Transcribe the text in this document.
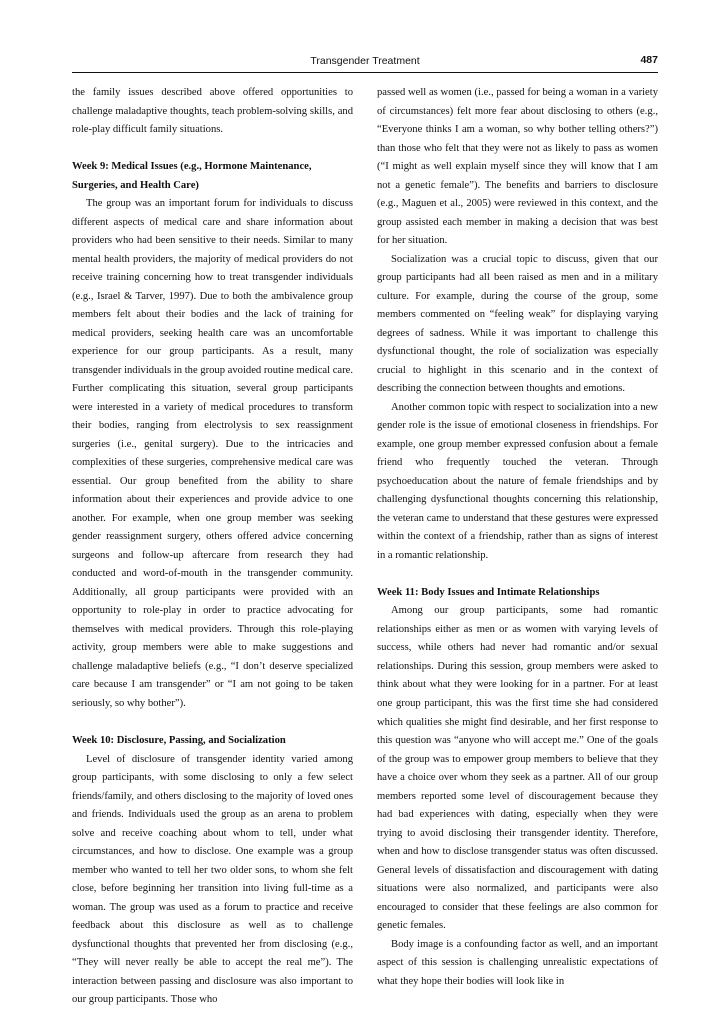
Transgender Treatment	487

the family issues described above offered opportunities to challenge maladaptive thoughts, teach problem-solving skills, and role-play difficult family situations.

Week 9: Medical Issues (e.g., Hormone Maintenance, Surgeries, and Health Care)

The group was an important forum for individuals to discuss different aspects of medical care and share information about providers who had been sensitive to their needs. Similar to many mental health providers, the majority of medical providers do not receive training concerning how to treat transgender individuals (e.g., Israel & Tarver, 1997). Due to both the ambivalence group members felt about their bodies and the lack of training for medical providers, seeking health care was an uncomfortable experience for our group participants. As a result, many transgender individuals in the group avoided routine medical care. Further complicating this situation, several group participants were interested in a variety of medical procedures to transform their bodies, ranging from electrolysis to sex reassignment surgeries (i.e., genital surgery). Due to the intricacies and complexities of these surgeries, comprehensive medical care was essential. Our group benefited from the ability to share information about their experiences and provide advice to one another. For example, when one group member was seeking gender reassignment surgery, others offered advice concerning surgeons and follow-up aftercare from research they had conducted and word-of-mouth in the transgender community. Additionally, all group participants were provided with an opportunity to role-play in order to practice advocating for themselves with medical providers. Through this role-playing activity, group members were able to make suggestions and challenge maladaptive beliefs (e.g., “I don’t deserve specialized care because I am transgender” or “I am not going to be taken seriously, so why bother”).

Week 10: Disclosure, Passing, and Socialization

Level of disclosure of transgender identity varied among group participants, with some disclosing to only a few select friends/family, and others disclosing to the majority of loved ones and friends. Individuals used the group as an arena to problem solve and receive coaching about whom to tell, under what circumstances, and how to disclose. One example was a group member who wanted to tell her two older sons, to whom she felt close, before beginning her transition into living full-time as a woman. The group was used as a forum to practice and receive feedback about this disclosure as well as to challenge dysfunctional thoughts that prevented her from disclosing (e.g., “They will never really be able to accept the real me”). The interaction between passing and disclosure was also important to our group participants. Those who

passed well as women (i.e., passed for being a woman in a variety of circumstances) felt more fear about disclosing to others (e.g., “Everyone thinks I am a woman, so why bother telling others?”) than those who felt that they were not as likely to pass as women (“I might as well explain myself since they will know that I am not a genetic female”). The benefits and barriers to disclosure (e.g., Maguen et al., 2005) were reviewed in this context, and the group assisted each member in making a decision that was best for her situation.

Socialization was a crucial topic to discuss, given that our group participants had all been raised as men and in a military culture. For example, during the course of the group, some members commented on “feeling weak” for displaying varying degrees of sadness. While it was important to challenge this dysfunctional thought, the role of socialization was especially crucial to highlight in this scenario and in the context of describing the connection between thoughts and emotions.

Another common topic with respect to socialization into a new gender role is the issue of emotional closeness in friendships. For example, one group member expressed confusion about a female friend who frequently touched the veteran. Through psychoeducation about the nature of female friendships and by challenging dysfunctional thoughts concerning this relationship, the veteran came to understand that these gestures were expressed within the context of a friendship, rather than as signs of interest in a romantic relationship.

Week 11: Body Issues and Intimate Relationships

Among our group participants, some had romantic relationships either as men or as women with varying levels of success, while others had never had romantic and/or sexual relationships. During this session, group members were asked to think about what they were looking for in a partner. For at least one group participant, this was the first time she had considered which qualities she might find desirable, and her first response to this question was “anyone who will accept me.” One of the goals of the group was to empower group members to believe that they have a choice over whom they seek as a partner. All of our group members reported some level of discouragement because they had bad experiences with dating, especially when they were trying to avoid disclosing their transgender identity. Therefore, when and how to disclose transgender status was often discussed. General levels of dissatisfaction and discouragement with dating situations were also normalized, and participants were also encouraged to consider that these feelings are also common for genetic females.

Body image is a confounding factor as well, and an important aspect of this session is challenging unrealistic expectations of what they hope their bodies will look like in
